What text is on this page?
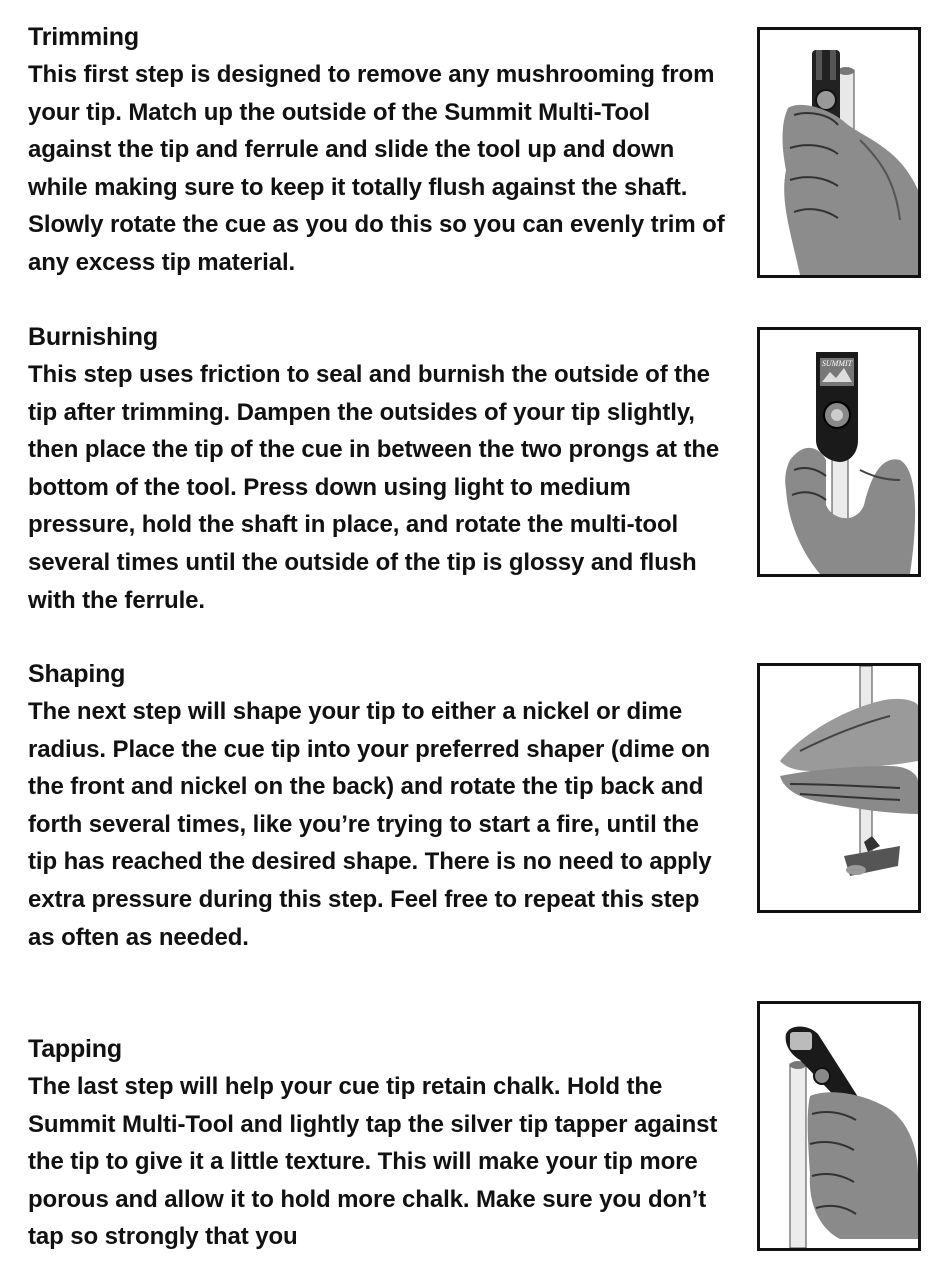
Trimming

This first step is designed to remove any mushrooming from your tip. Match up the outside of the Summit Multi-Tool against the tip and ferrule and slide the tool up and down while making sure to keep it totally flush against the shaft. Slowly rotate the cue as you do this so you can evenly trim of any excess tip material.

Burnishing

This step uses friction to seal and burnish the outside of the tip after trimming. Dampen the outsides of your tip slightly, then place the tip of the cue in between the two prongs at the bottom of the tool. Press down using light to medium pressure, hold the shaft in place, and rotate the multi-tool several times until the outside of the tip is glossy and flush with the ferrule.

SUMMIT
Shaping

The next step will shape your tip to either a nickel or dime radius. Place the cue tip into your preferred shaper (dime on the front and nickel on the back) and rotate the tip back and forth several times, like you’re trying to start a fire, until the tip has reached the desired shape. There is no need to apply extra pressure during this step. Feel free to repeat this step as often as needed.

Tapping

The last step will help your cue tip retain chalk. Hold the Summit Multi-Tool and lightly tap the silver tip tapper against the tip to give it a little texture. This will make your tip more porous and allow it to hold more chalk. Make sure you don’t tap so strongly that you
